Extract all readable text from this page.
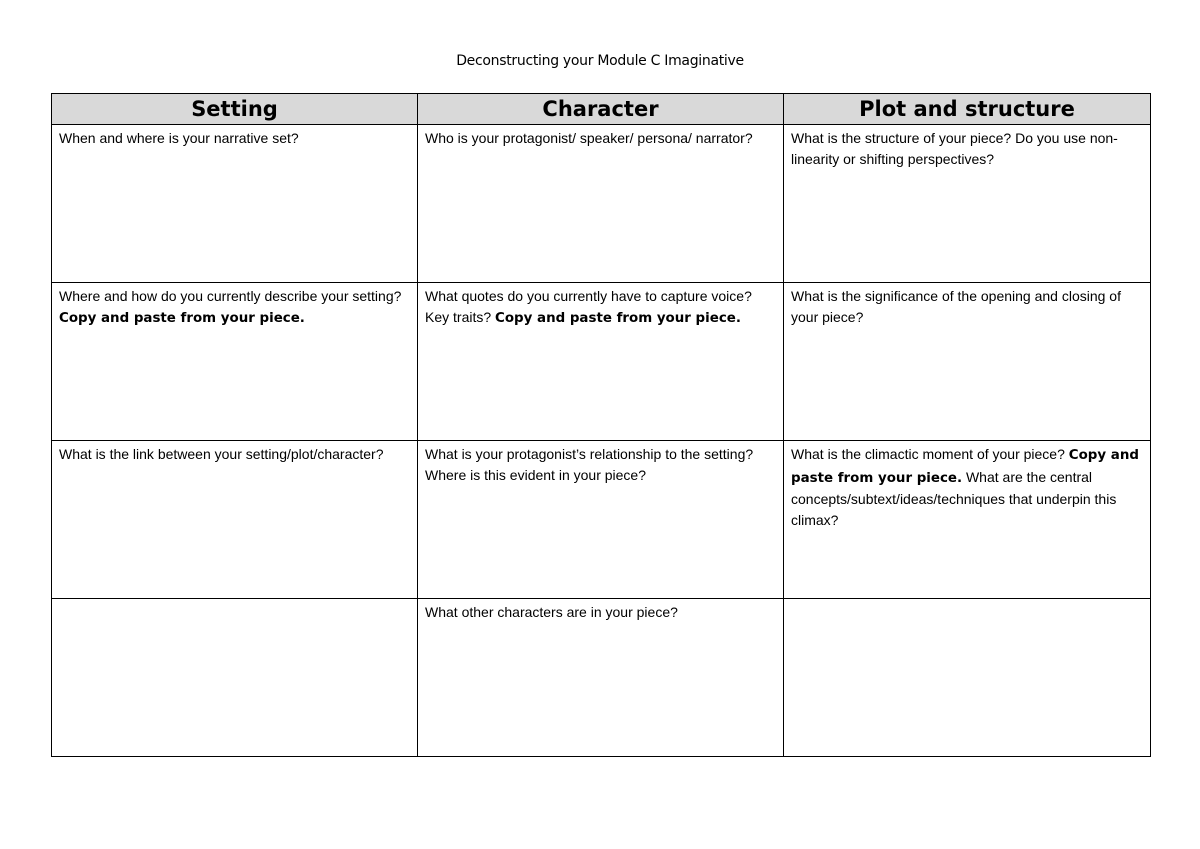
Deconstructing your Module C Imaginative
Setting	Character	Plot and structure
When and where is your narrative set?	Who is your protagonist/ speaker/ persona/ narrator?	What is the structure of your piece? Do you use non-linearity or shifting perspectives?
Where and how do you currently describe your setting? Copy and paste from your piece.	What quotes do you currently have to capture voice? Key traits? Copy and paste from your piece.	What is the significance of the opening and closing of your piece?
What is the link between your setting/plot/character?	What is your protagonist’s relationship to the setting? Where is this evident in your piece?	What is the climactic moment of your piece? Copy and paste from your piece. What are the central concepts/subtext/ideas/techniques that underpin this climax?
	What other characters are in your piece?	
